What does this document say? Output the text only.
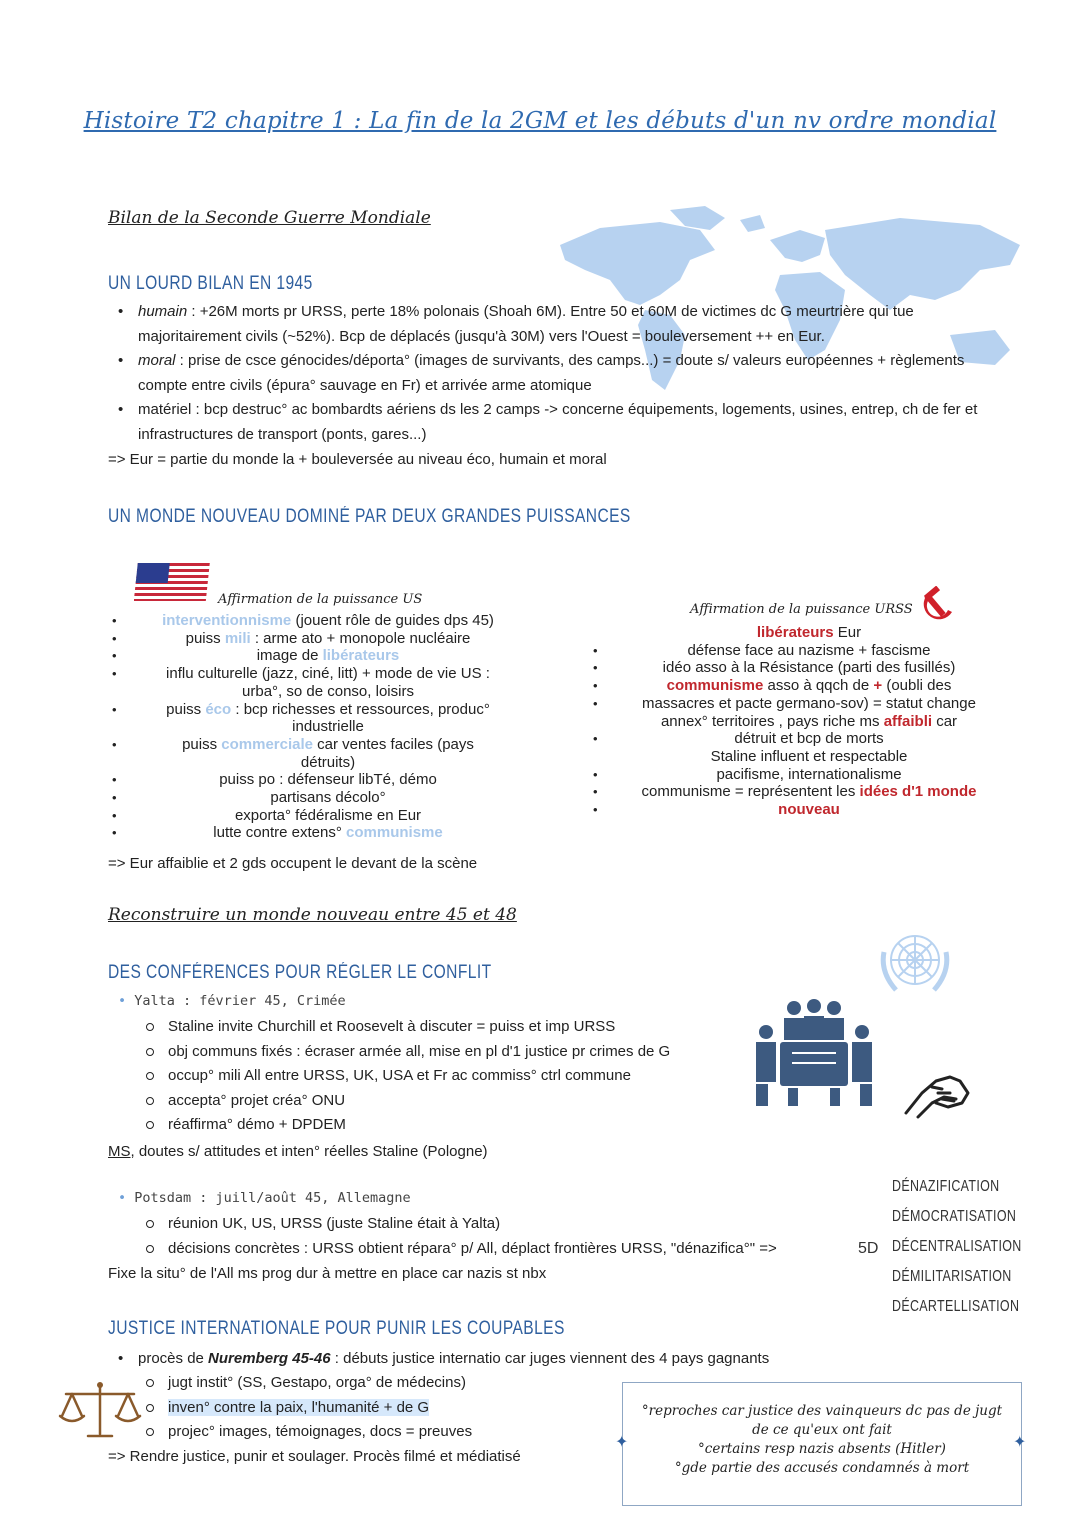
Histoire T2 chapitre 1 : La fin de la 2GM et les débuts d'un nv ordre mondial
Bilan de la Seconde Guerre Mondiale
UN LOURD BILAN EN 1945
• humain : +26M morts pr URSS, perte 18% polonais (Shoah 6M). Entre 50 et 60M de victimes dc G meurtrière qui tue majoritairement civils (~52%). Bcp de déplacés (jusqu'à 30M) vers l'Ouest = bouleversement ++ en Eur.
• moral : prise de csce génocides/déporta° (images de survivants, des camps...) = doute s/ valeurs européennes + règlements compte entre civils (épura° sauvage en Fr) et arrivée arme atomique
• matériel : bcp destruc° ac bombardts aériens ds les 2 camps -> concerne équipements, logements, usines, entrep, ch de fer et infrastructures de transport (ponts, gares...)
=> Eur = partie du monde la + bouleversée au niveau éco, humain et moral
UN MONDE NOUVEAU DOMINÉ PAR DEUX GRANDES PUISSANCES
Affirmation de la puissance US
interventionnisme (jouent rôle de guides dps 45)
puiss mili : arme ato + monopole nucléaire
image de libérateurs
influ culturelle (jazz, ciné, litt) + mode de vie US :
urba°, so de conso, loisirs
puiss éco : bcp richesses et ressources, produc°
industrielle
puiss commerciale car ventes faciles (pays
détruits)
puiss po : défenseur libTé, démo
partisans décolo°
exporta° fédéralisme en Eur
lutte contre extens° communisme
•
•
•
•

•

•

•
•
•
•
Affirmation de la puissance URSS
libérateurs Eur
défense face au nazisme + fascisme
idéo asso à la Résistance (parti des fusillés)
communisme asso à qqch de + (oubli des
massacres et pacte germano-sov) = statut change
annex° territoires , pays riche ms affaibli car
détruit et bcp de morts
Staline influent et respectable
pacifisme, internationalisme
communisme = représentent les idées d'1 monde
nouveau

•
•
•
•

•

•
•
•
=> Eur affaiblie et 2 gds occupent le devant de la scène
Reconstruire un monde nouveau entre 45 et 48
DES CONFÉRENCES POUR RÉGLER LE CONFLIT
• Yalta : février 45, Crimée
Staline invite Churchill et Roosevelt à discuter = puiss et imp URSS
obj communs fixés : écraser armée all, mise en pl d'1 justice pr crimes de G
occup° mili All entre URSS, UK, USA et Fr ac commiss° ctrl commune
accepta° projet créa° ONU
réaffirma° démo + DPDEM
MS, doutes s/ attitudes et inten° réelles Staline (Pologne)
• Potsdam : juill/août 45, Allemagne
réunion UK, US, URSS (juste Staline était à Yalta)
décisions concrètes : URSS obtient répara° p/ All, déplact frontières URSS, "dénazifica°" =>	5D
Fixe la situ° de l'All ms prog dur à mettre en place car nazis st nbx
DÉNAZIFICATION
DÉMOCRATISATION
DÉCENTRALISATION
DÉMILITARISATION
DÉCARTELLISATION
JUSTICE INTERNATIONALE POUR PUNIR LES COUPABLES
• procès de Nuremberg 45-46 : débuts justice internatio car juges viennent des 4 pays gagnants
jugt instit° (SS, Gestapo, orga° de médecins)
inven° contre la paix, l'humanité + de G
projec° images, témoignages, docs = preuves
=> Rendre justice, punir et soulager. Procès filmé et médiatisé
✦	✦
°reproches car justice des vainqueurs dc pas de jugt de ce qu'eux ont fait
°certains resp nazis absents (Hitler)
°gde partie des accusés condamnés à mort
